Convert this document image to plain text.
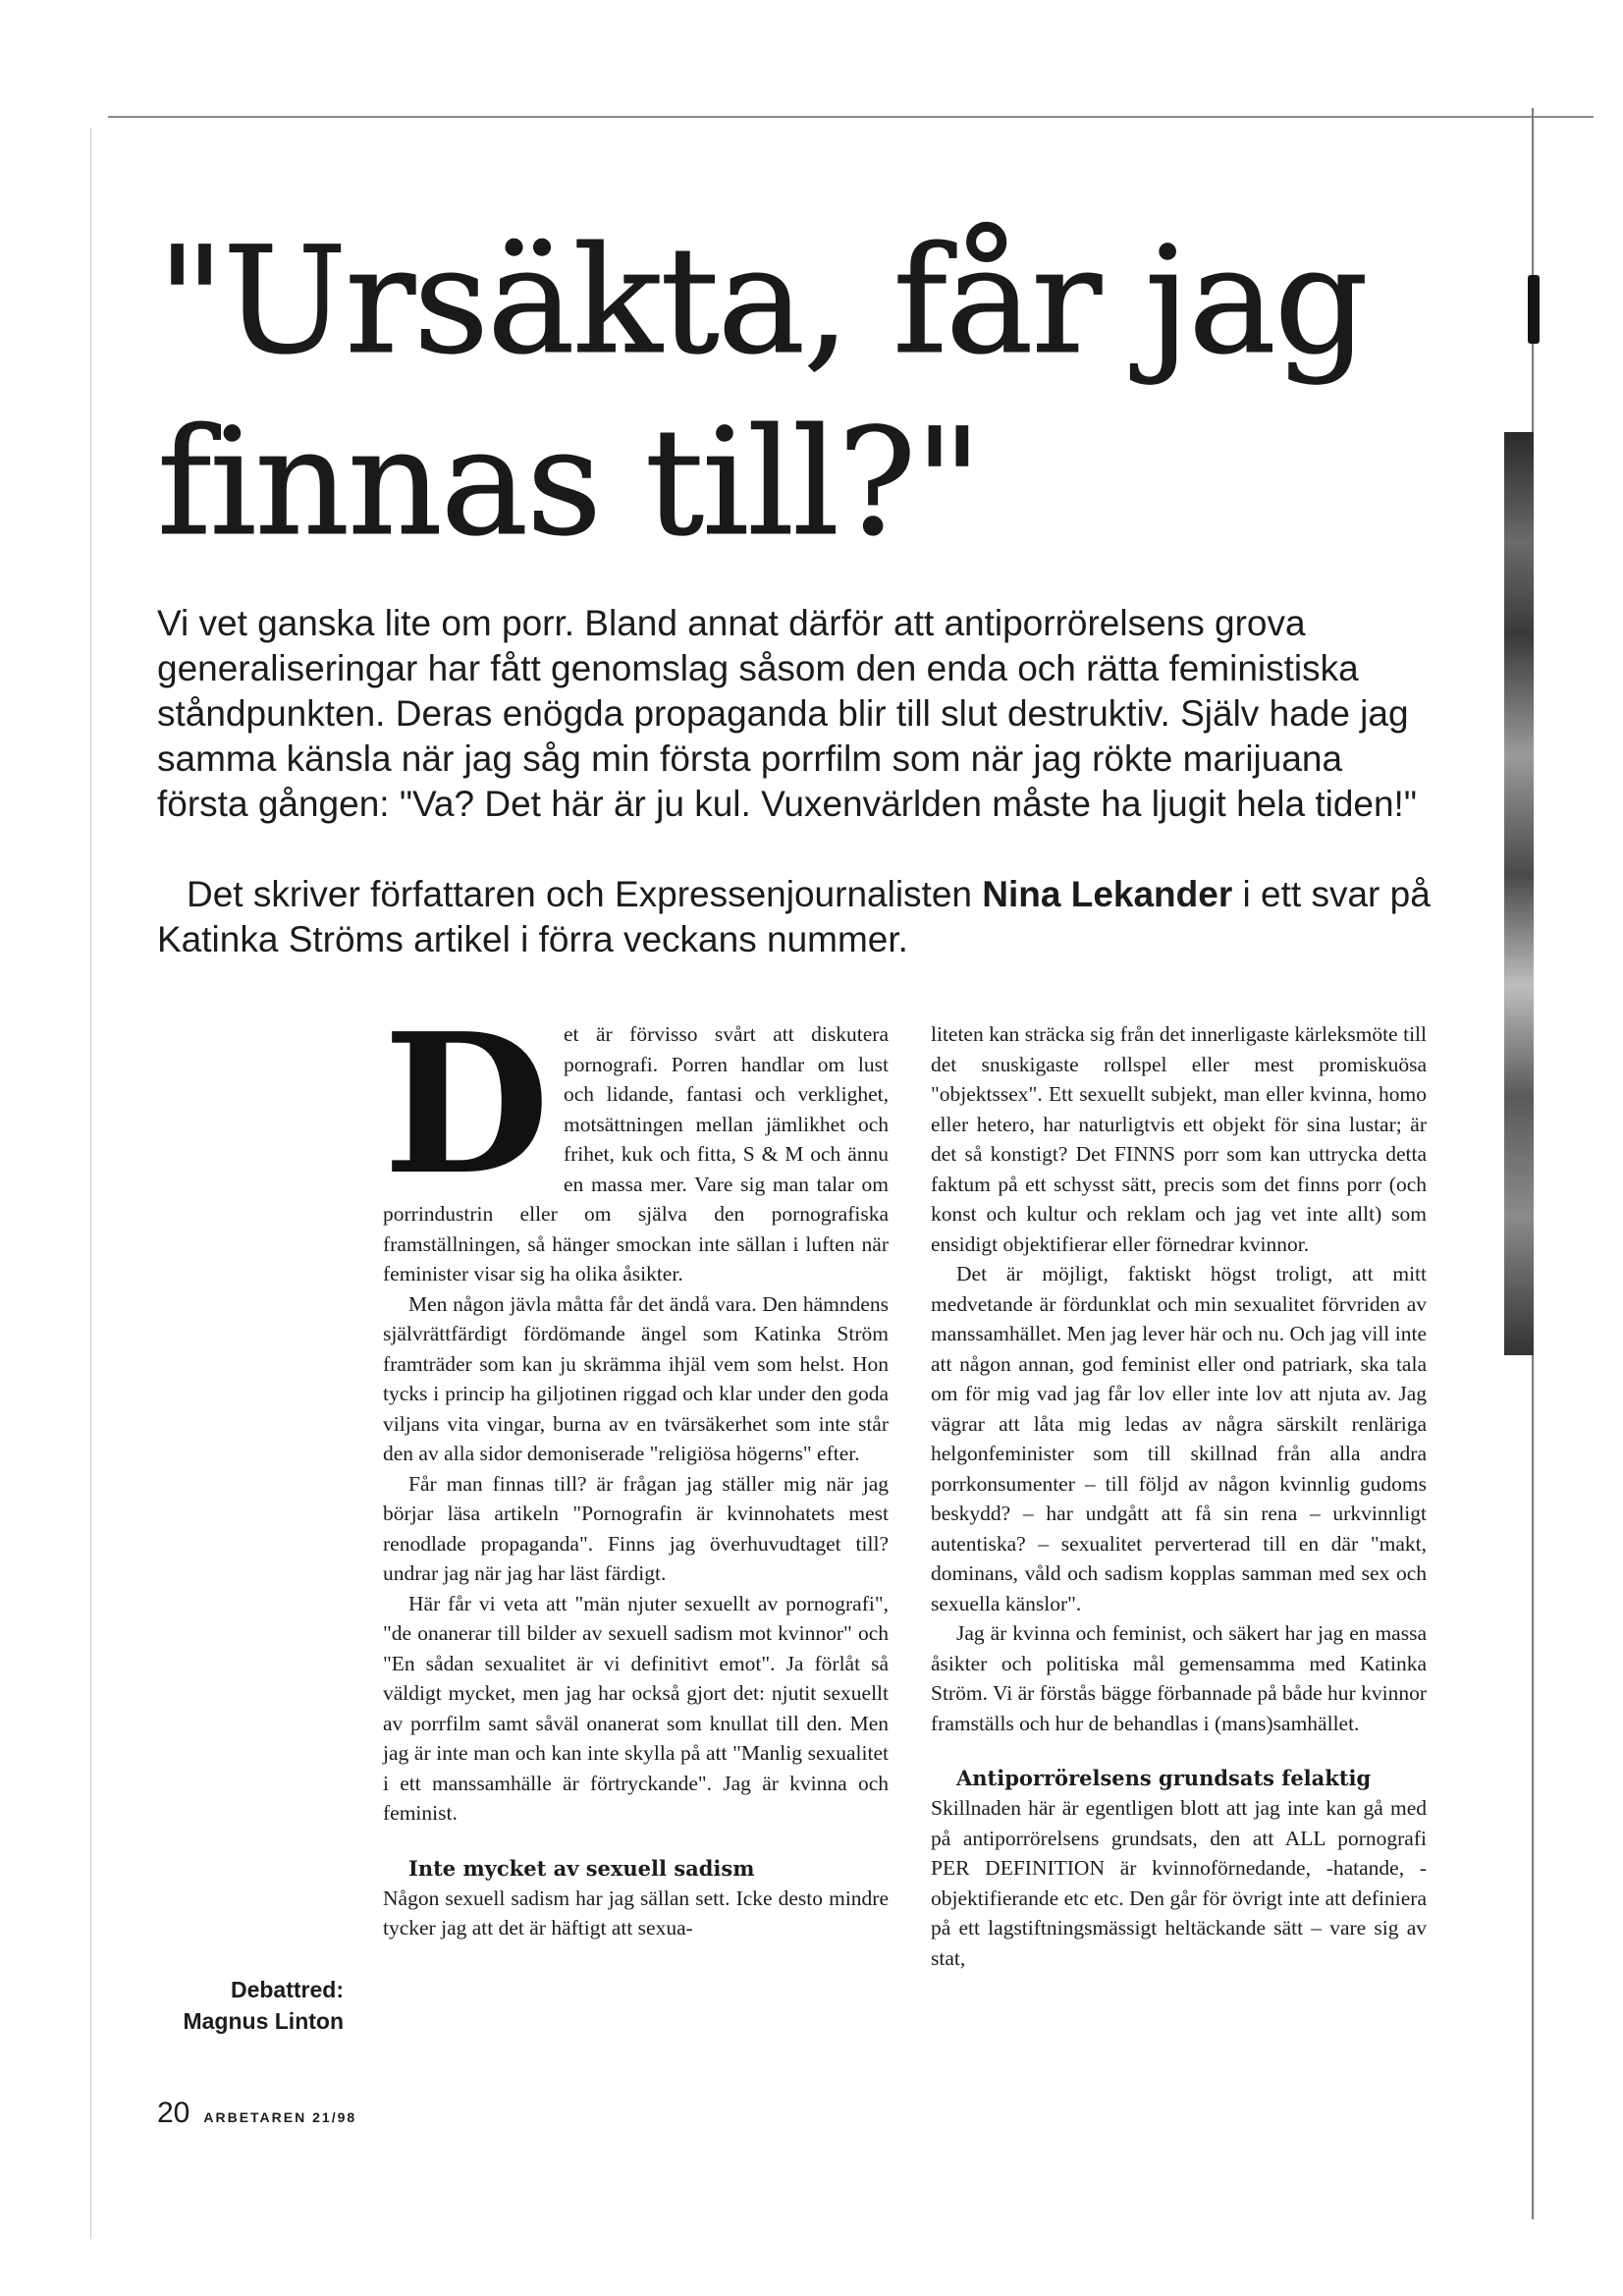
"Ursäkta, får jag finnas till?"

Vi vet ganska lite om porr. Bland annat därför att antiporrörelsens grova generaliseringar har fått genomslag såsom den enda och rätta feministiska ståndpunkten. Deras enögda propaganda blir till slut destruktiv. Själv hade jag samma känsla när jag såg min första porrfilm som när jag rökte marijuana första gången: "Va? Det här är ju kul. Vuxenvärlden måste ha ljugit hela tiden!"

Det skriver författaren och Expressenjournalisten Nina Lekander i ett svar på Katinka Ströms artikel i förra veckans nummer.

Det är förvisso svårt att diskutera pornografi. Porren handlar om lust och lidande, fantasi och verklighet, motsättningen mellan jämlikhet och frihet, kuk och fitta, S & M och ännu en massa mer. Vare sig man talar om porrindustrin eller om själva den pornografiska framställningen, så hänger smockan inte sällan i luften när feminister visar sig ha olika åsikter.

Men någon jävla måtta får det ändå vara. Den hämndens självrättfärdigt fördömande ängel som Katinka Ström framträder som kan ju skrämma ihjäl vem som helst. Hon tycks i princip ha giljotinen riggad och klar under den goda viljans vita vingar, burna av en tvärsäkerhet som inte står den av alla sidor demoniserade "religiösa högerns" efter.

Får man finnas till? är frågan jag ställer mig när jag börjar läsa artikeln "Pornografin är kvinnohatets mest renodlade propaganda". Finns jag överhuvudtaget till? undrar jag när jag har läst färdigt.

Här får vi veta att "män njuter sexuellt av pornografi", "de onanerar till bilder av sexuell sadism mot kvinnor" och "En sådan sexualitet är vi definitivt emot". Ja förlåt så väldigt mycket, men jag har också gjort det: njutit sexuellt av porrfilm samt såväl onanerat som knullat till den. Men jag är inte man och kan inte skylla på att "Manlig sexualitet i ett manssamhälle är förtryckande". Jag är kvinna och feminist.

Inte mycket av sexuell sadism

Någon sexuell sadism har jag sällan sett. Icke desto mindre tycker jag att det är häftigt att sexua-

liteten kan sträcka sig från det innerligaste kärleksmöte till det snuskigaste rollspel eller mest promiskuösa "objektssex". Ett sexuellt subjekt, man eller kvinna, homo eller hetero, har naturligtvis ett objekt för sina lustar; är det så konstigt? Det FINNS porr som kan uttrycka detta faktum på ett schysst sätt, precis som det finns porr (och konst och kultur och reklam och jag vet inte allt) som ensidigt objektifierar eller förnedrar kvinnor.

Det är möjligt, faktiskt högst troligt, att mitt medvetande är fördunklat och min sexualitet förvriden av manssamhället. Men jag lever här och nu. Och jag vill inte att någon annan, god feminist eller ond patriark, ska tala om för mig vad jag får lov eller inte lov att njuta av. Jag vägrar att låta mig ledas av några särskilt renläriga helgonfeminister som till skillnad från alla andra porrkonsumenter – till följd av någon kvinnlig gudoms beskydd? – har undgått att få sin rena – urkvinnligt autentiska? – sexualitet perverterad till en där "makt, dominans, våld och sadism kopplas samman med sex och sexuella känslor".

Jag är kvinna och feminist, och säkert har jag en massa åsikter och politiska mål gemensamma med Katinka Ström. Vi är förstås bägge förbannade på både hur kvinnor framställs och hur de behandlas i (mans)samhället.

Antiporrörelsens grundsats felaktig

Skillnaden här är egentligen blott att jag inte kan gå med på antiporrörelsens grundsats, den att ALL pornografi PER DEFINITION är kvinnoförnedande, -hatande, -objektifierande etc etc. Den går för övrigt inte att definiera på ett lagstiftningsmässigt heltäckande sätt – vare sig av stat,

Debattred:
Magnus Linton
20 ARBETAREN 21/98
